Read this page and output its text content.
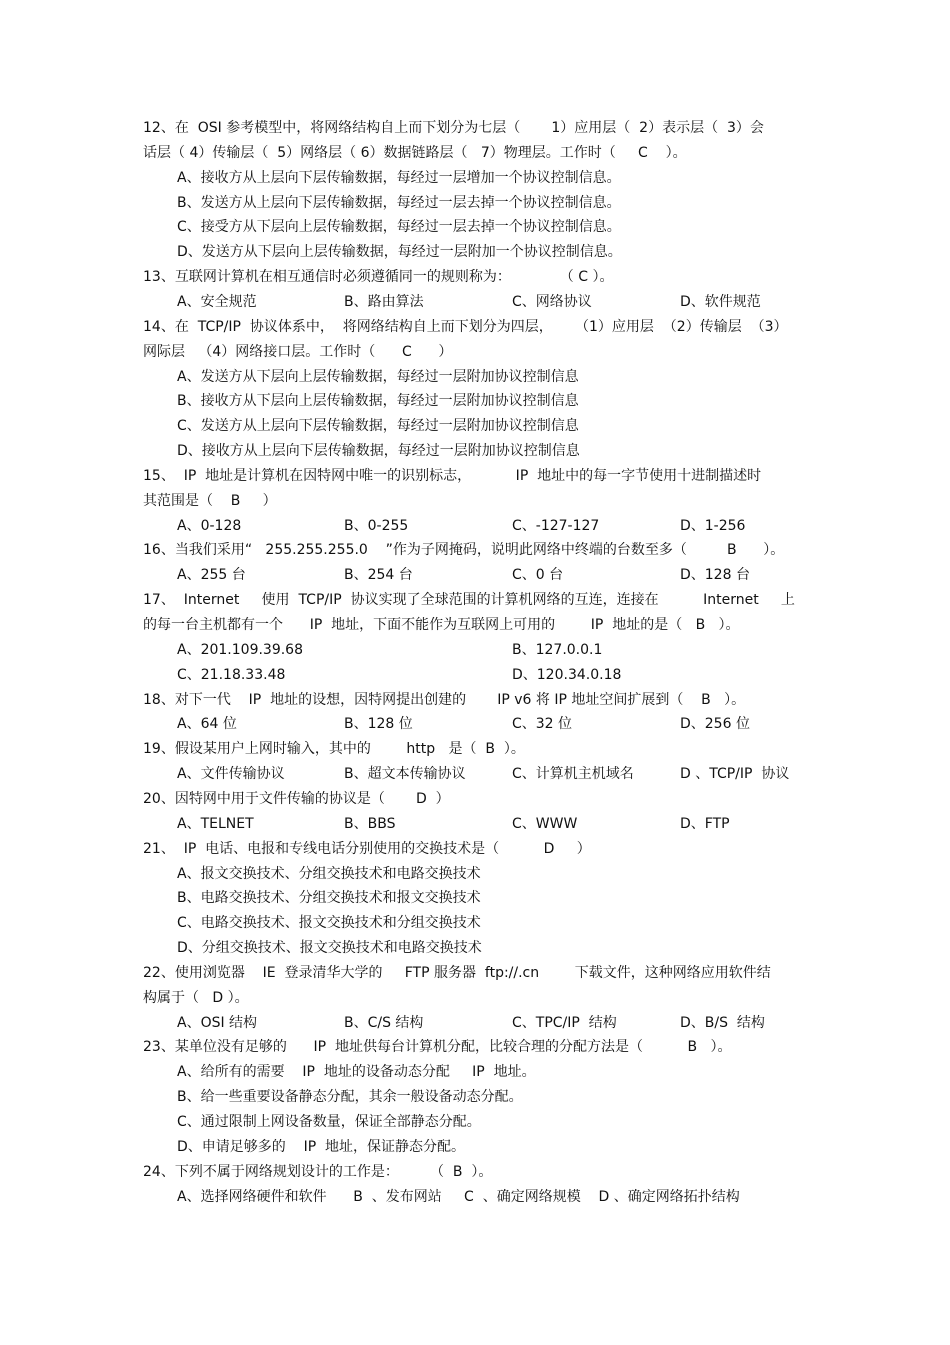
12、在  OSI 参考模型中，将网络结构自上而下划分为七层（       1）应用层（  2）表示层（  3）会
话层（ 4）传输层（  5）网络层（ 6）数据链路层（   7）物理层。工作时（     C    ）。
A、接收方从上层向下层传输数据，每经过一层增加一个协议控制信息。
B、发送方从上层向下层传输数据，每经过一层去掉一个协议控制信息。
C、接受方从下层向上层传输数据，每经过一层去掉一个协议控制信息。
D、发送方从下层向上层传输数据，每经过一层附加一个协议控制信息。
13、互联网计算机在相互通信时必须遵循同一的规则称为：           （ C ）。
A、安全规范	B、路由算法	C、网络协议	D、软件规范
14、在  TCP/IP  协议体系中，  将网络结构自上而下划分为四层，     （1）应用层  （2）传输层  （3）
网际层   （4）网络接口层。工作时（      C      ）
A、发送方从下层向上层传输数据，每经过一层附加协议控制信息
B、接收方从下层向上层传输数据，每经过一层附加协议控制信息
C、发送方从上层向下层传输数据，每经过一层附加协议控制信息
D、接收方从上层向下层传输数据，每经过一层附加协议控制信息
15、  IP  地址是计算机在因特网中唯一的识别标志，          IP  地址中的每一字节使用十进制描述时
其范围是（    B     ）
A、0-128	B、0-255	C、-127-127	D、1-256
16、当我们采用“   255.255.255.0    ”作为子网掩码，说明此网络中终端的台数至多（         B      ）。
A、255 台	B、254 台	C、0 台	D、128 台
17、  Internet     使用  TCP/IP  协议实现了全球范围的计算机网络的互连，连接在          Internet     上
的每一台主机都有一个      IP  地址，下面不能作为互联网上可用的        IP  地址的是（   B   ）。
A、201.109.39.68	B、127.0.0.1
C、21.18.33.48	D、120.34.0.18
18、对下一代    IP  地址的设想，因特网提出创建的       IP v6 将 IP 地址空间扩展到（    B   ）。
A、64 位	B、128 位	C、32 位	D、256 位
19、假设某用户上网时输入，其中的        http   是（  B  ）。
A、文件传输协议	B、超文本传输协议	C、计算机主机域名	D 、TCP/IP  协议
20、因特网中用于文件传输的协议是（       D  ）
A、TELNET	B、BBS	C、WWW	D、FTP
21、  IP  电话、电报和专线电话分别使用的交换技术是（          D     ）
A、报文交换技术、分组交换技术和电路交换技术
B、电路交换技术、分组交换技术和报文交换技术
C、电路交换技术、报文交换技术和分组交换技术
D、分组交换技术、报文交换技术和电路交换技术
22、使用浏览器    IE  登录清华大学的     FTP 服务器  ftp://.cn        下载文件，这种网络应用软件结
构属于（   D ）。
A、OSI 结构	B、C/S 结构	C、TPC/IP  结构	D、B/S  结构
23、某单位没有足够的      IP  地址供每台计算机分配，比较合理的分配方法是（          B   ）。
A、给所有的需要    IP  地址的设备动态分配     IP  地址。
B、给一些重要设备静态分配，其余一般设备动态分配。
C、通过限制上网设备数量，保证全部静态分配。
D、申请足够多的    IP  地址，保证静态分配。
24、下列不属于网络规划设计的工作是：       （  B  ）。
A、选择网络硬件和软件      B  、发布网站     C  、确定网络规模    D 、确定网络拓扑结构
